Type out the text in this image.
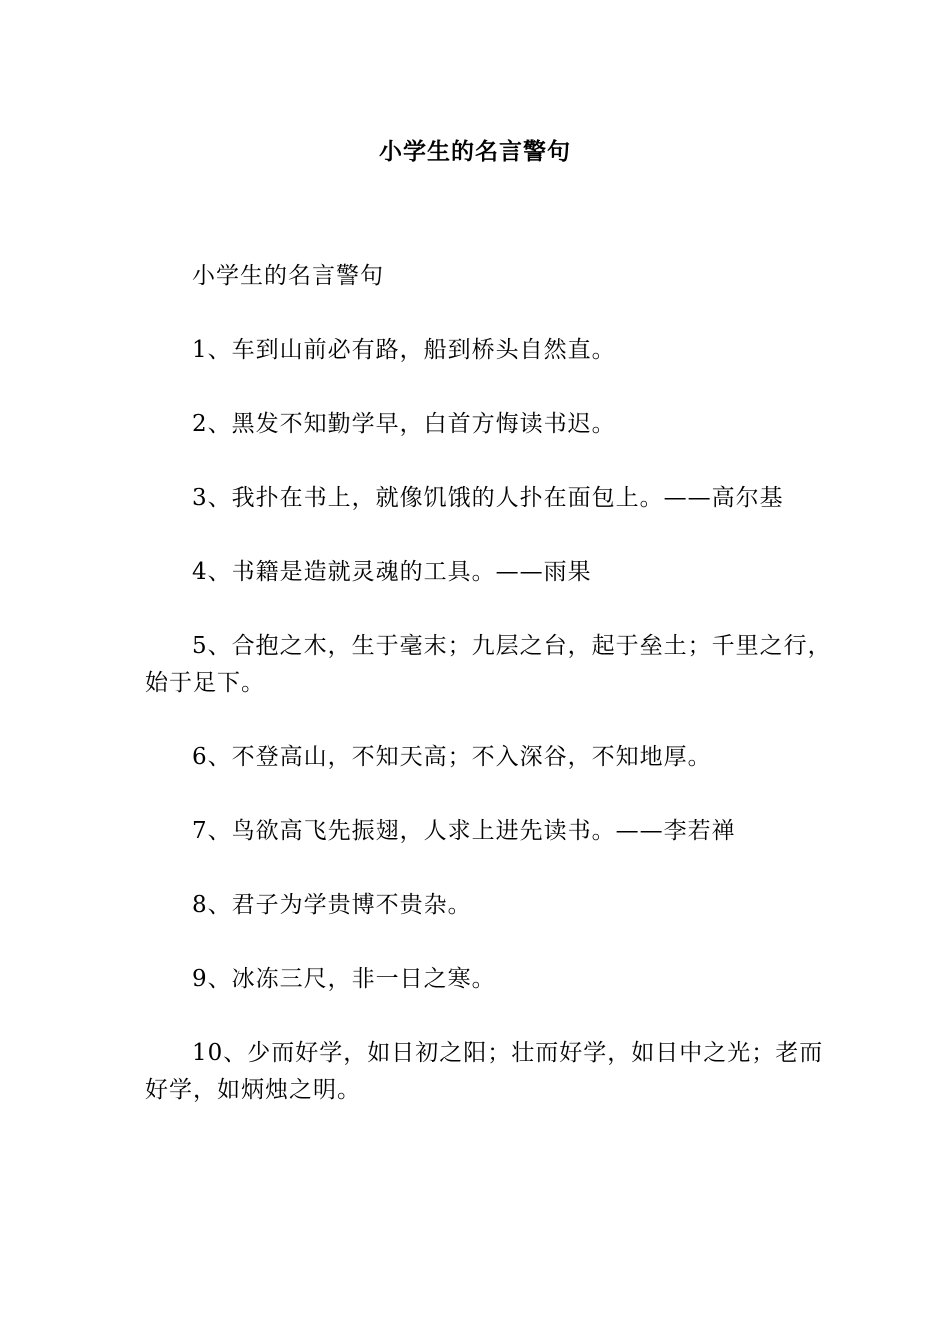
小学生的名言警句

小学生的名言警句

1、车到山前必有路，船到桥头自然直。

2、黑发不知勤学早，白首方悔读书迟。

3、我扑在书上，就像饥饿的人扑在面包上。——高尔基

4、书籍是造就灵魂的工具。——雨果

5、合抱之木，生于毫末；九层之台，起于垒土；千里之行，始于足下。

6、不登高山，不知天高；不入深谷，不知地厚。

7、鸟欲高飞先振翅，人求上进先读书。——李若禅

8、君子为学贵博不贵杂。

9、冰冻三尺，非一日之寒。

10、少而好学，如日初之阳；壮而好学，如日中之光；老而好学，如炳烛之明。
